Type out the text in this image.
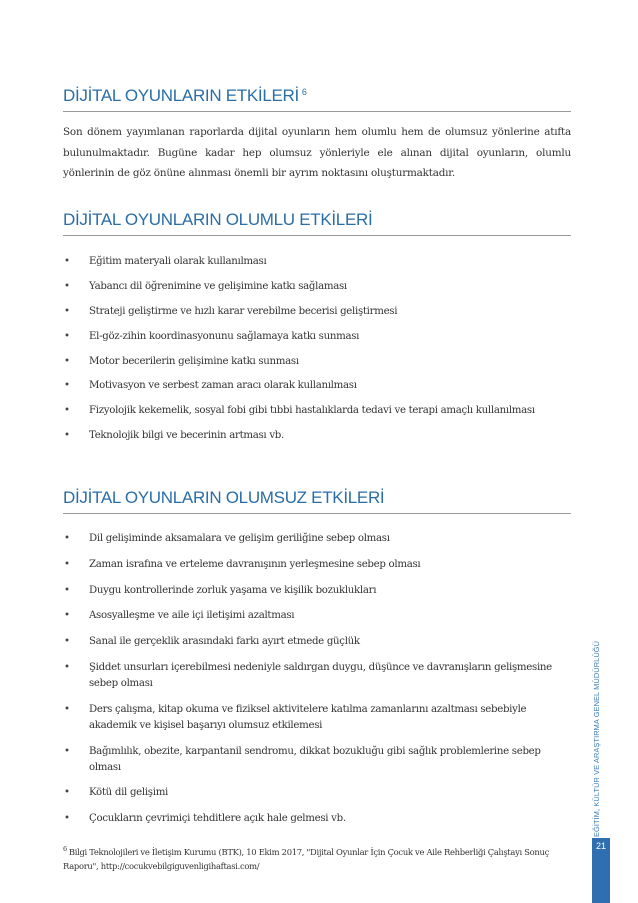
DİJİTAL OYUNLARIN ETKİLERİ $^6$

Son dönem yayımlanan raporlarda dijital oyunların hem olumlu hem de olumsuz yönlerine atıfta bulunulmaktadır. Bugüne kadar hep olumsuz yönleriyle ele alınan dijital oyunların, olumlu yönlerinin de göz önüne alınması önemli bir ayrım noktasını oluşturmaktadır.

DİJİTAL OYUNLARIN OLUMLU ETKİLERİ
• Eğitim materyali olarak kullanılması
• Yabancı dil öğrenimine ve gelişimine katkı sağlaması
• Strateji geliştirme ve hızlı karar verebilme becerisi geliştirmesi
• El-göz-zihin koordinasyonunu sağlamaya katkı sunması
• Motor becerilerin gelişimine katkı sunması
• Motivasyon ve serbest zaman aracı olarak kullanılması
• Fizyolojik kekemelik, sosyal fobi gibi tıbbi hastalıklarda tedavi ve terapi amaçlı kullanılması
• Teknolojik bilgi ve becerinin artması vb.
DİJİTAL OYUNLARIN OLUMSUZ ETKİLERİ
• Dil gelişiminde aksamalara ve gelişim geriliğine sebep olması
• Zaman israfına ve erteleme davranışının yerleşmesine sebep olması
• Duygu kontrollerinde zorluk yaşama ve kişilik bozuklukları
• Asosyalleşme ve aile içi iletişimi azaltması
• Sanal ile gerçeklik arasındaki farkı ayırt etmede güçlük
• Şiddet unsurları içerebilmesi nedeniyle saldırgan duygu, düşünce ve davranışların gelişmesine sebep olması
• Ders çalışma, kitap okuma ve fiziksel aktivitelere katılma zamanlarını azaltması sebebiyle akademik ve kişisel başarıyı olumsuz etkilemesi
• Bağımlılık, obezite, karpantanil sendromu, dikkat bozukluğu gibi sağlık problemlerine sebep olması
• Kötü dil gelişimi
• Çocukların çevrimiçi tehditlere açık hale gelmesi vb.	EĞİTİM, KÜLTÜR VE ARAŞTIRMA GENEL MÜDÜRLÜĞÜ
21
$^6$ Bilgi Teknolojileri ve İletişim Kurumu (BTK), 10 Ekim 2017, "Dijital Oyunlar İçin Çocuk ve Aile Rehberliği Çalıştayı Sonuç Raporu", http://cocukvebilgiguvenligihaftasi.com/
